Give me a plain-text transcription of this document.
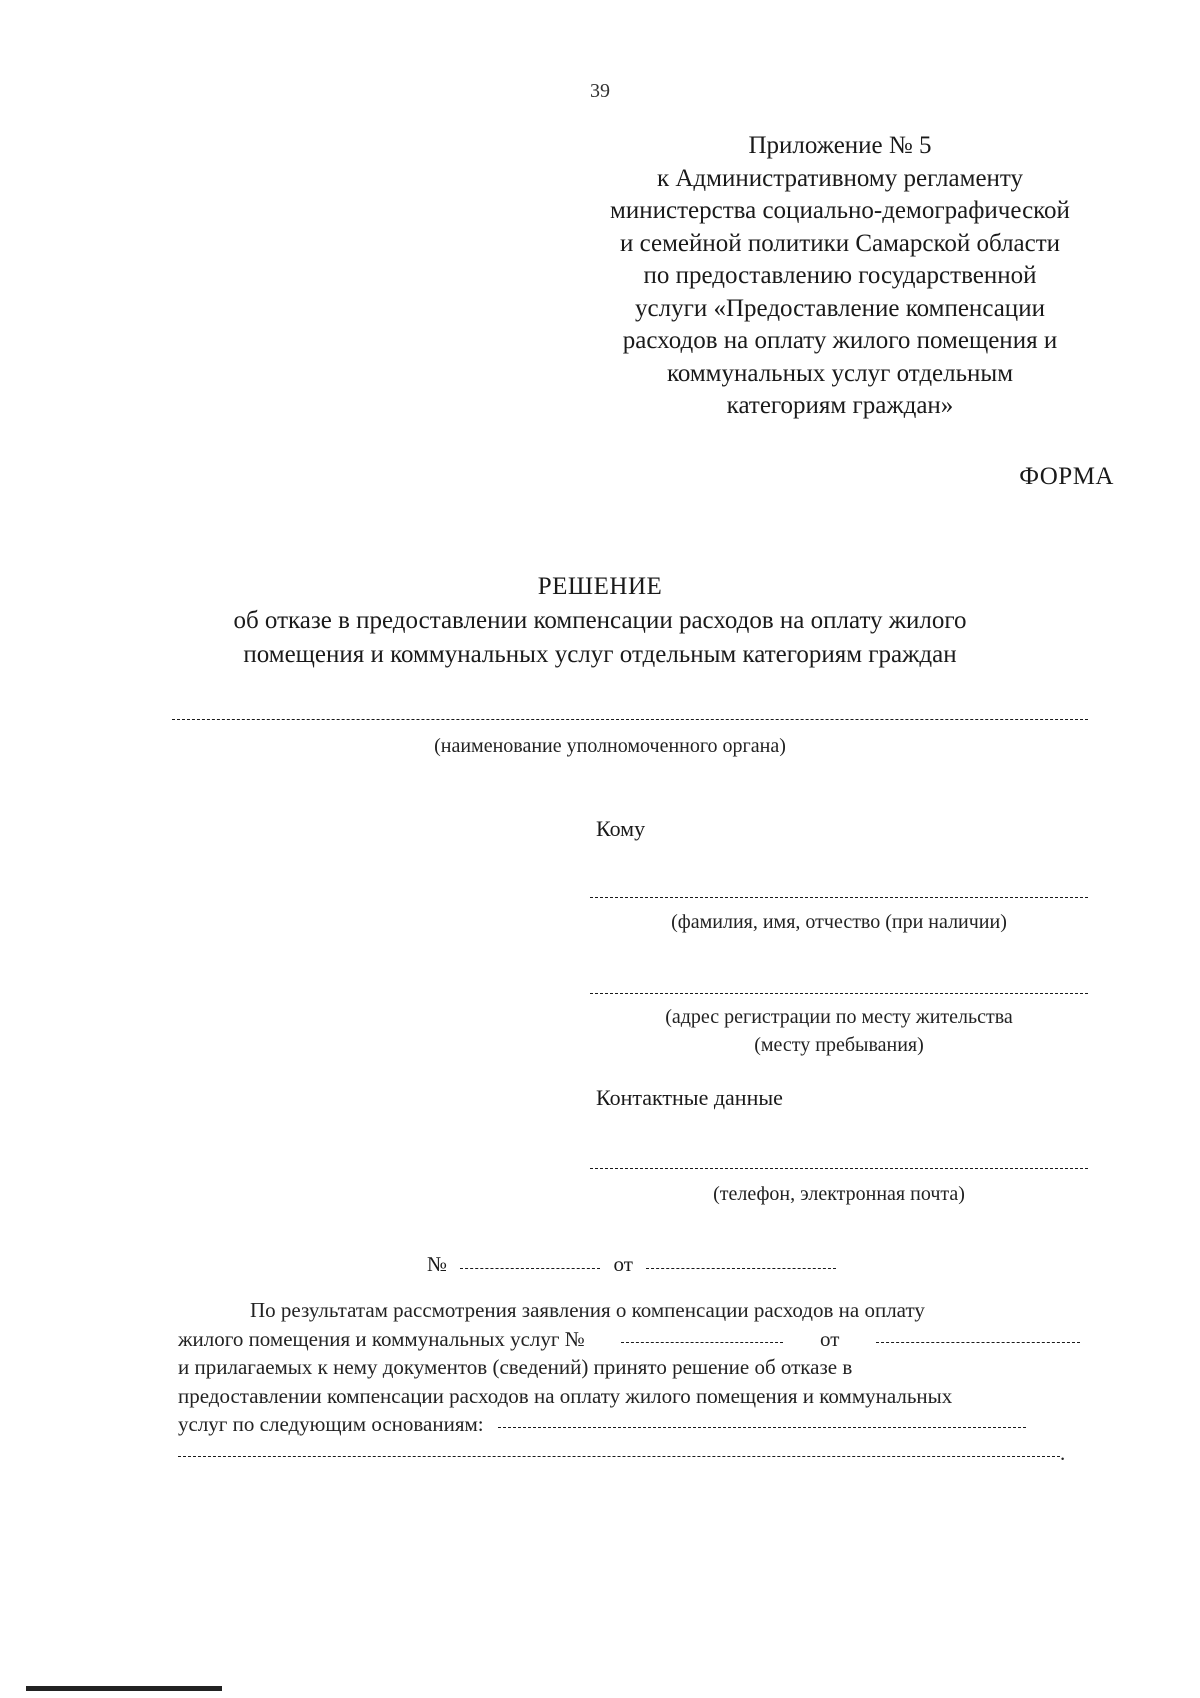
39
Приложение № 5
к Административному регламенту
министерства социально-демографической
и семейной политики Самарской области
по предоставлению государственной
услуги «Предоставление компенсации
расходов на оплату жилого помещения и
коммунальных услуг отдельным
категориям граждан»
ФОРМА
РЕШЕНИЕ
об отказе в предоставлении компенсации расходов на оплату жилого
помещения и коммунальных услуг отдельным категориям граждан
(наименование уполномоченного органа)
Кому
(фамилия, имя, отчество (при наличии)
(адрес регистрации по месту жительства
(месту пребывания)
Контактные данные
(телефон, электронная почта)
№	от
По результатам рассмотрения заявления о компенсации расходов на оплату
жилого помещения и коммунальных услуг №	от
и прилагаемых к нему документов (сведений) принято решение об отказе в
предоставлении компенсации расходов на оплату жилого помещения и коммунальных
услуг по следующим основаниям:
.
